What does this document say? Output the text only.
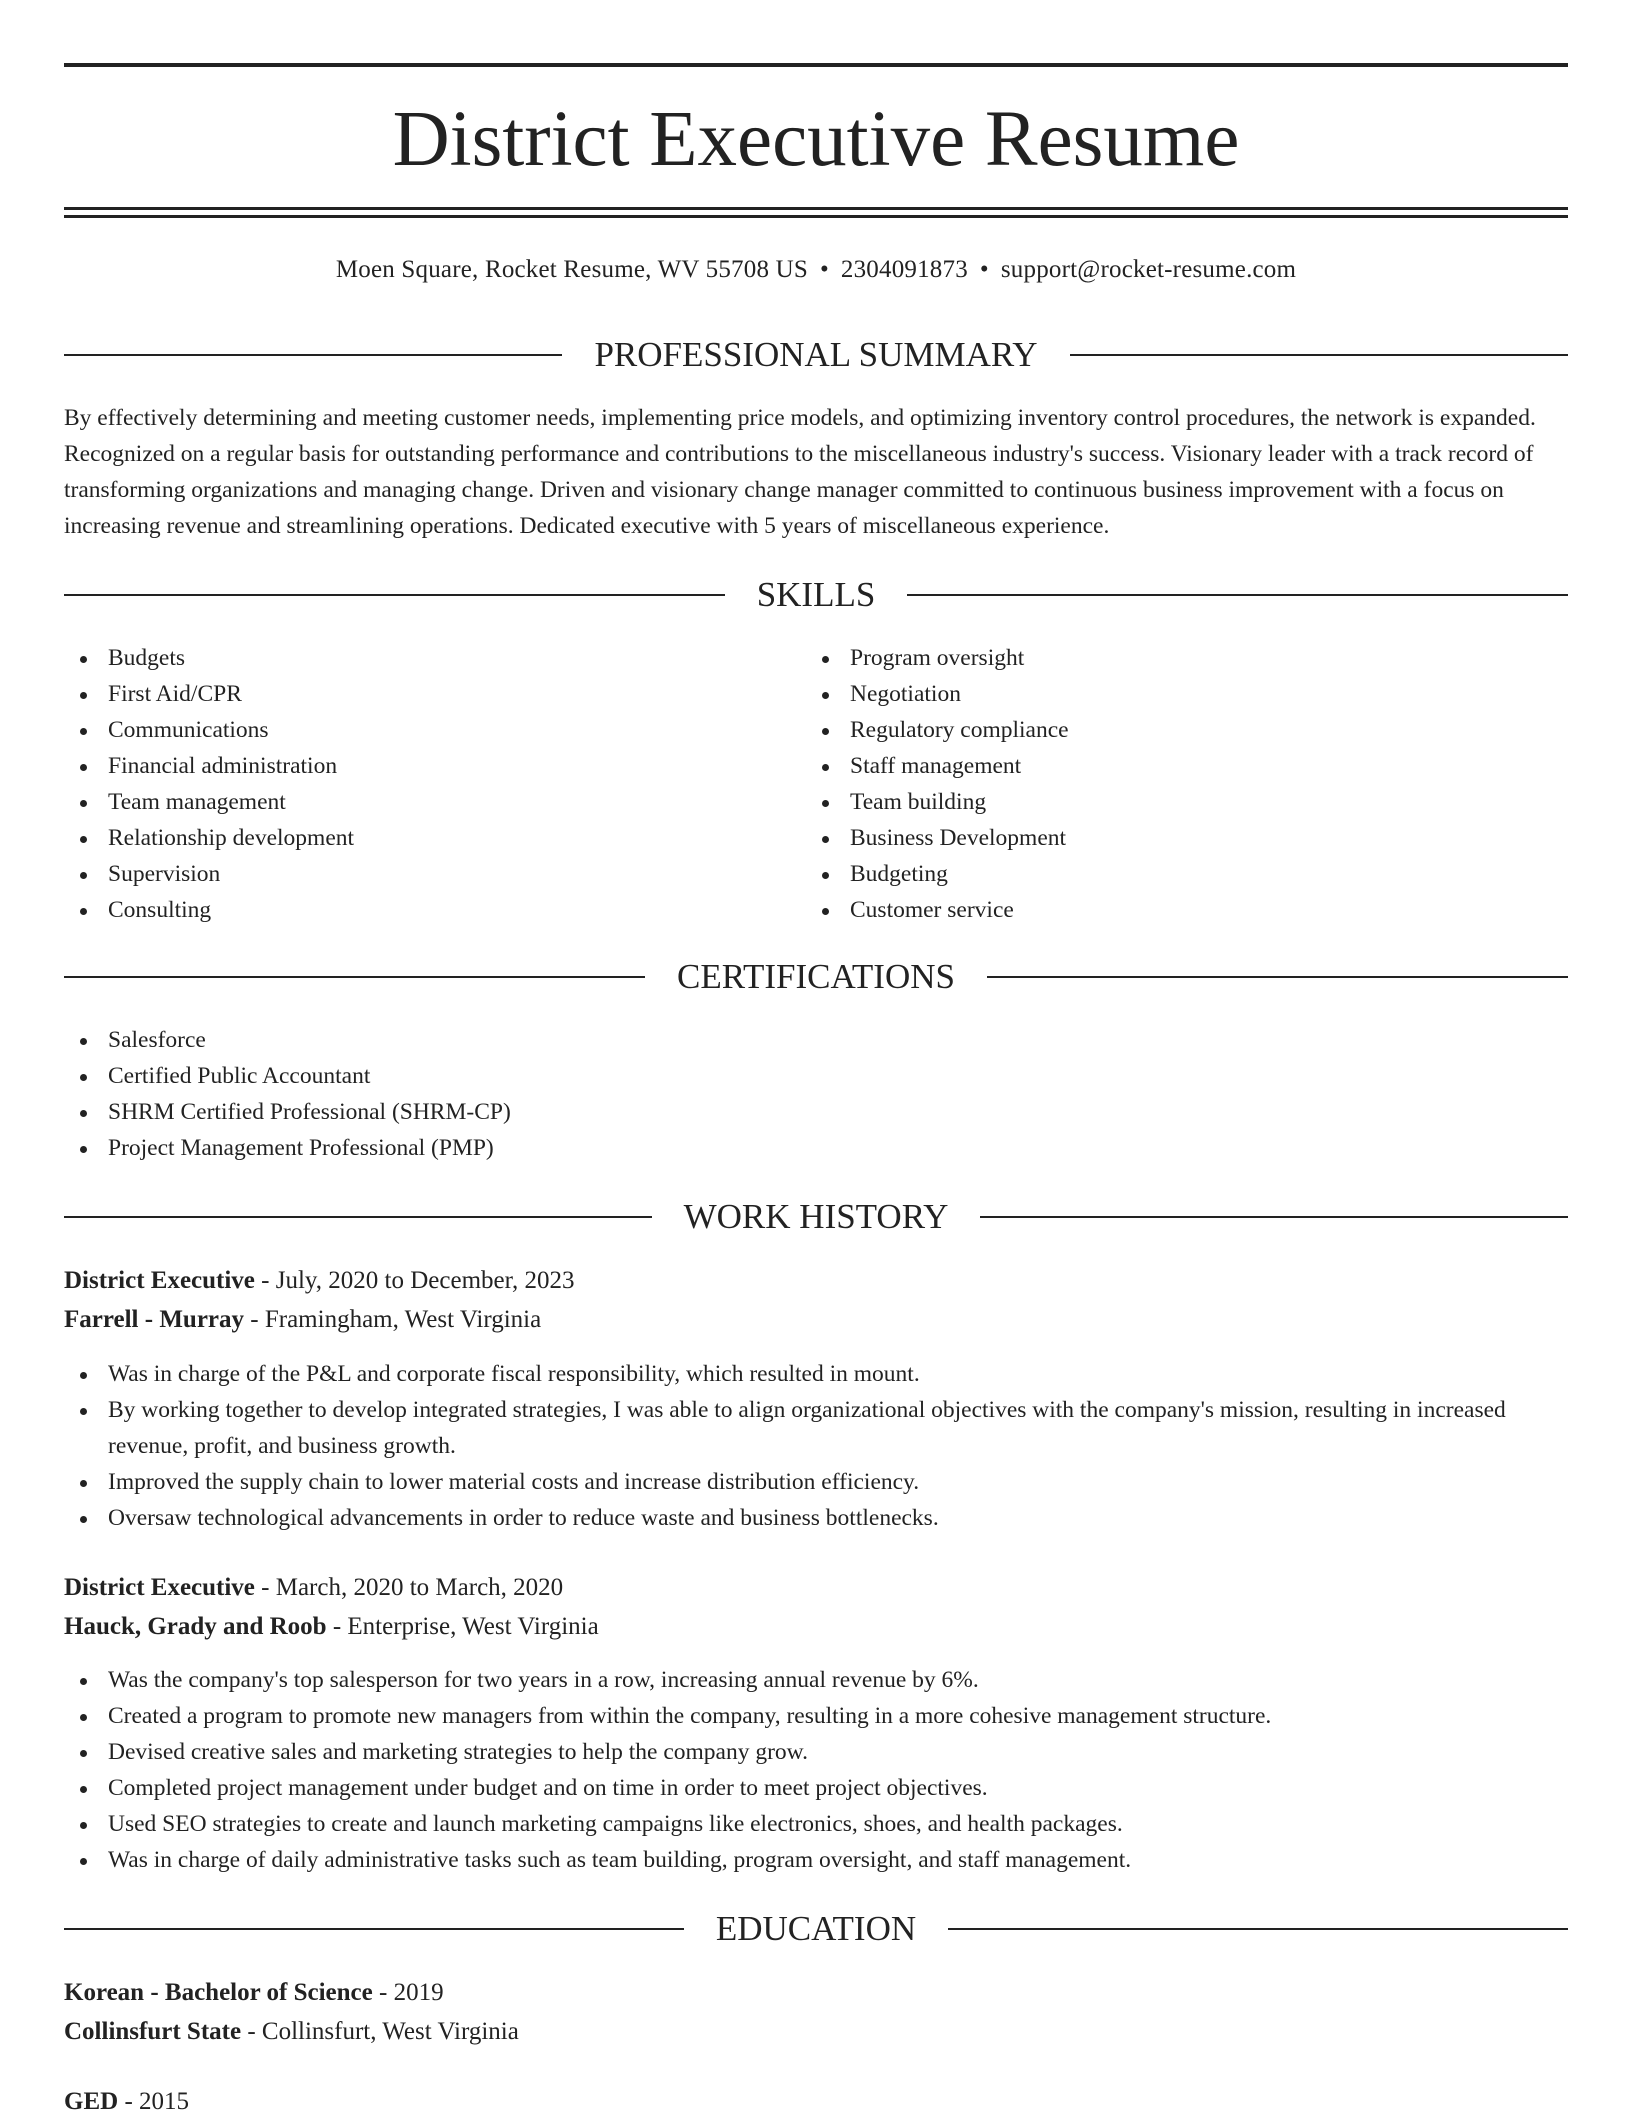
District Executive Resume
Moen Square, Rocket Resume, WV 55708 US • 2304091873 • support@rocket-resume.com
PROFESSIONAL SUMMARY

By effectively determining and meeting customer needs, implementing price models, and optimizing inventory control procedures, the network is expanded. Recognized on a regular basis for outstanding performance and contributions to the miscellaneous industry's success. Visionary leader with a track record of transforming organizations and managing change. Driven and visionary change manager committed to continuous business improvement with a focus on increasing revenue and streamlining operations. Dedicated executive with 5 years of miscellaneous experience.

SKILLS
Budgets
First Aid/CPR
Communications
Financial administration
Team management
Relationship development
Supervision
Consulting
Program oversight
Negotiation
Regulatory compliance
Staff management
Team building
Business Development
Budgeting
Customer service
CERTIFICATIONS
Salesforce
Certified Public Accountant
SHRM Certified Professional (SHRM-CP)
Project Management Professional (PMP)
WORK HISTORY
District Executive - July, 2020 to December, 2023
Farrell - Murray - Framingham, West Virginia
Was in charge of the P&L and corporate fiscal responsibility, which resulted in mount.
By working together to develop integrated strategies, I was able to align organizational objectives with the company's mission, resulting in increased revenue, profit, and business growth.
Improved the supply chain to lower material costs and increase distribution efficiency.
Oversaw technological advancements in order to reduce waste and business bottlenecks.
District Executive - March, 2020 to March, 2020
Hauck, Grady and Roob - Enterprise, West Virginia
Was the company's top salesperson for two years in a row, increasing annual revenue by 6%.
Created a program to promote new managers from within the company, resulting in a more cohesive management structure.
Devised creative sales and marketing strategies to help the company grow.
Completed project management under budget and on time in order to meet project objectives.
Used SEO strategies to create and launch marketing campaigns like electronics, shoes, and health packages.
Was in charge of daily administrative tasks such as team building, program oversight, and staff management.
EDUCATION
Korean - Bachelor of Science - 2019
Collinsfurt State - Collinsfurt, West Virginia
GED - 2015
